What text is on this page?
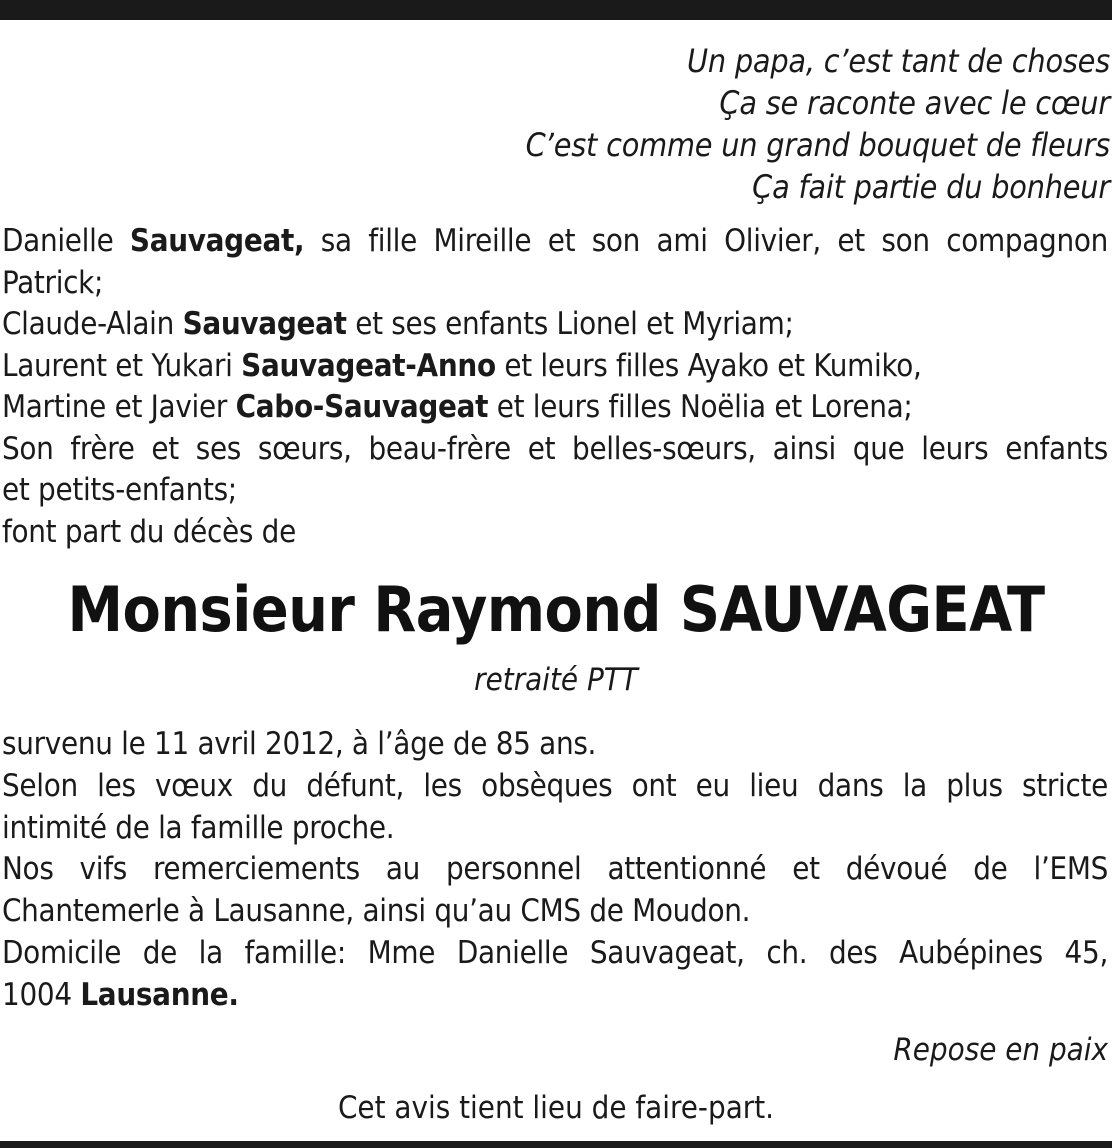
Un papa, c’est tant de choses
Ça se raconte avec le cœur
C’est comme un grand bouquet de fleurs
Ça fait partie du bonheur
Danielle Sauvageat, sa fille Mireille et son ami Olivier, et son compagnon
Patrick;
Claude-Alain Sauvageat et ses enfants Lionel et Myriam;
Laurent et Yukari Sauvageat-Anno et leurs filles Ayako et Kumiko,
Martine et Javier Cabo-Sauvageat et leurs filles Noëlia et Lorena;
Son frère et ses sœurs, beau-frère et belles-sœurs, ainsi que leurs enfants
et petits-enfants;
font part du décès de
Monsieur Raymond SAUVAGEAT
retraité PTT
survenu le 11 avril 2012, à l’âge de 85 ans.
Selon les vœux du défunt, les obsèques ont eu lieu dans la plus stricte
intimité de la famille proche.
Nos vifs remerciements au personnel attentionné et dévoué de l’EMS
Chantemerle à Lausanne, ainsi qu’au CMS de Moudon.
Domicile de la famille: Mme Danielle Sauvageat, ch. des Aubépines 45,
1004 Lausanne.
Repose en paix
Cet avis tient lieu de faire-part.
